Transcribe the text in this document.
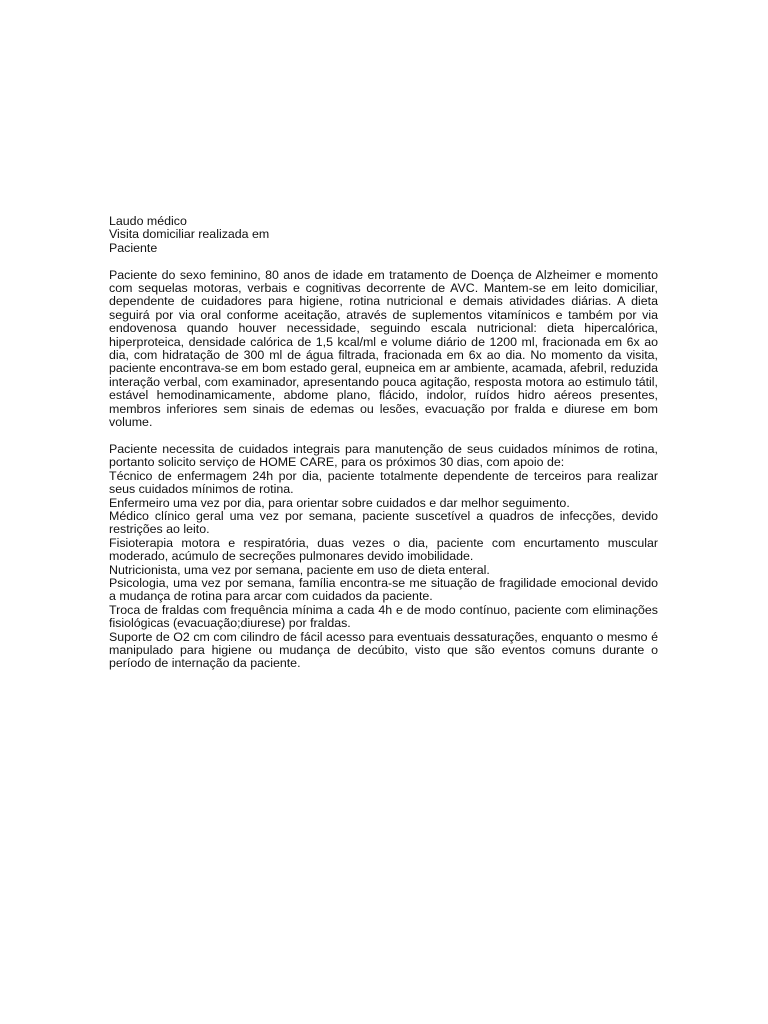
Laudo médico

Visita domiciliar realizada em

Paciente

Paciente do sexo feminino, 80 anos de idade em tratamento de Doença de Alzheimer e momento com sequelas motoras, verbais e cognitivas decorrente de AVC. Mantem-se em leito domiciliar, dependente de cuidadores para higiene, rotina nutricional e demais atividades diárias. A dieta seguirá por via oral conforme aceitação, através de suplementos vitamínicos e também por via endovenosa quando houver necessidade, seguindo escala nutricional: dieta hipercalórica, hiperproteica, densidade calórica de 1,5 kcal/ml e volume diário de 1200 ml, fracionada em 6x ao dia, com hidratação de 300 ml de água filtrada, fracionada em 6x ao dia. No momento da visita, paciente encontrava-se em bom estado geral, eupneica em ar ambiente, acamada, afebril, reduzida interação verbal, com examinador, apresentando pouca agitação, resposta motora ao estimulo tátil, estável hemodinamicamente, abdome plano, flácido, indolor, ruídos hidro aéreos presentes, membros inferiores sem sinais de edemas ou lesões, evacuação por fralda e diurese em bom volume.

Paciente necessita de cuidados integrais para manutenção de seus cuidados mínimos de rotina, portanto solicito serviço de HOME CARE, para os próximos 30 dias, com apoio de:

Técnico de enfermagem 24h por dia, paciente totalmente dependente de terceiros para realizar seus cuidados mínimos de rotina.

Enfermeiro uma vez por dia, para orientar sobre cuidados e dar melhor seguimento.

Médico clínico geral uma vez por semana, paciente suscetível a quadros de infecções, devido restrições ao leito.

Fisioterapia motora e respiratória, duas vezes o dia, paciente com encurtamento muscular moderado, acúmulo de secreções pulmonares devido imobilidade.

Nutricionista, uma vez por semana, paciente em uso de dieta enteral.

Psicologia, uma vez por semana, família encontra-se me situação de fragilidade emocional devido a mudança de rotina para arcar com cuidados da paciente.

Troca de fraldas com frequência mínima a cada 4h e de modo contínuo, paciente com eliminações fisiológicas (evacuação;diurese) por fraldas.

Suporte de O2 cm com cilindro de fácil acesso para eventuais dessaturações, enquanto o mesmo é manipulado para higiene ou mudança de decúbito, visto que são eventos comuns durante o período de internação da paciente.
